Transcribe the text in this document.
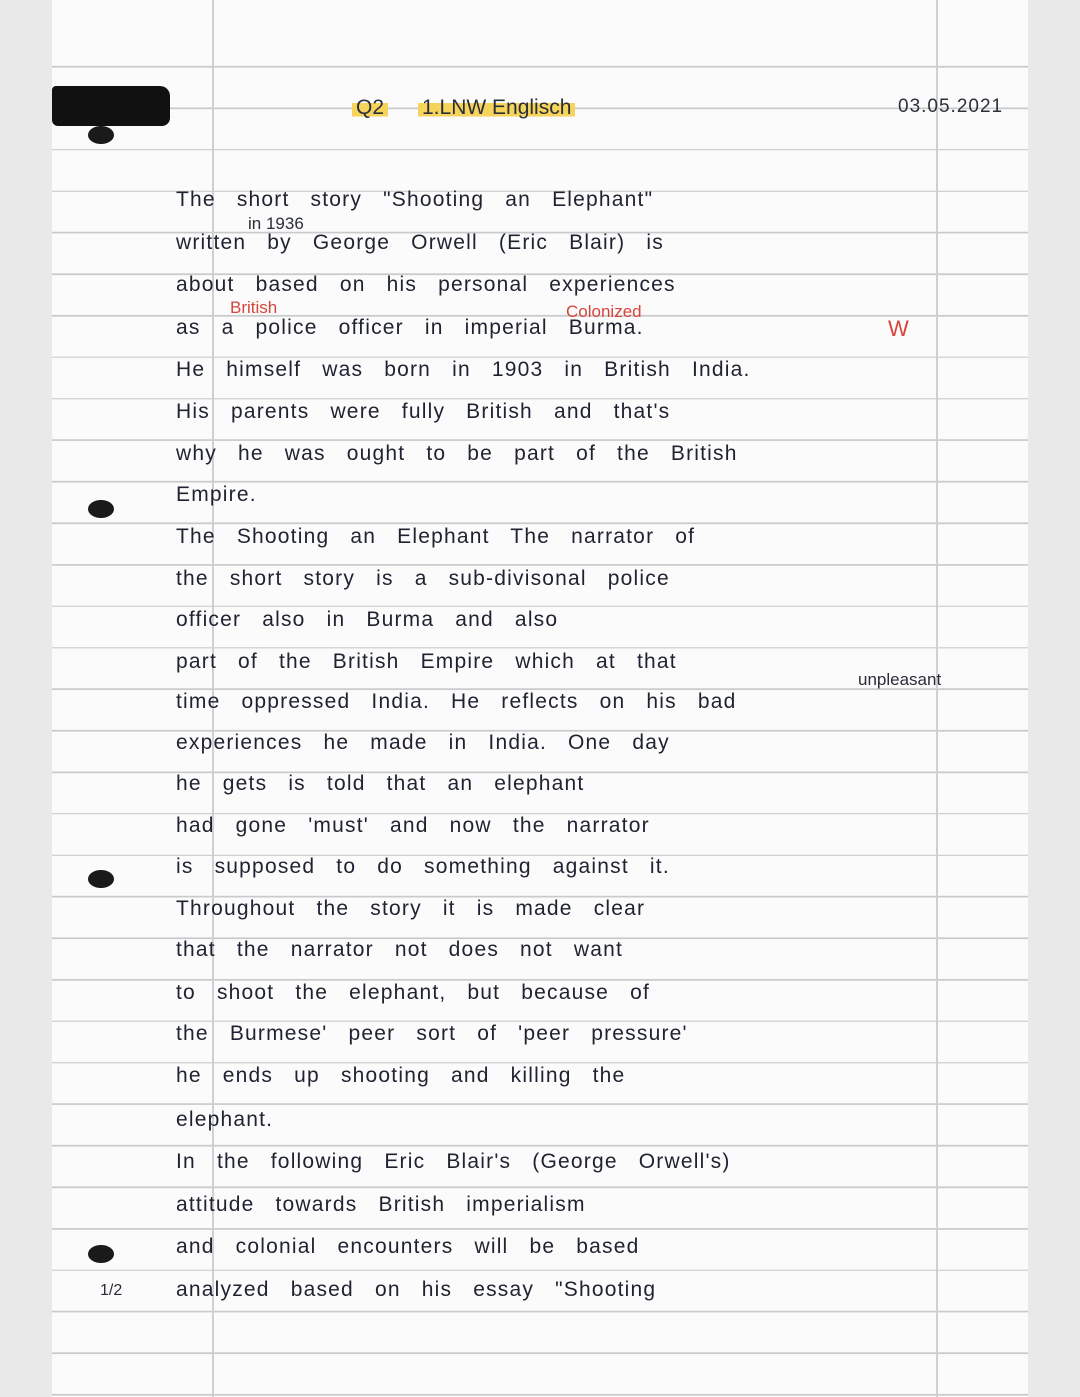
Q2 1.LNW Englisch	03.05.2021
The short story "Shooting an Elephant"
written by George Orwell (Eric Blair) is
about based on his personal experiences
as a police officer in imperial Burma.
He himself was born in 1903 in British India.
His parents were fully British and that's
why he was ought to be part of the British
Empire.
The Shooting an Elephant The narrator of
the short story is a sub-divisonal police
officer also in Burma and also
part of the British Empire which at that
time oppressed India. He reflects on his bad
experiences he made in India. One day
he gets is told that an elephant
had gone 'must' and now the narrator
is supposed to do something against it.
Throughout the story it is made clear
that the narrator not does not want
to shoot the elephant, but because of
the Burmese' peer sort of 'peer pressure'
he ends up shooting and killing the
elephant.
In the following Eric Blair's (George Orwell's)
attitude towards British imperialism
and colonial encounters will be based
analyzed based on his essay "Shooting
in 1936
British	Colonized
unpleasant
W
1/2
